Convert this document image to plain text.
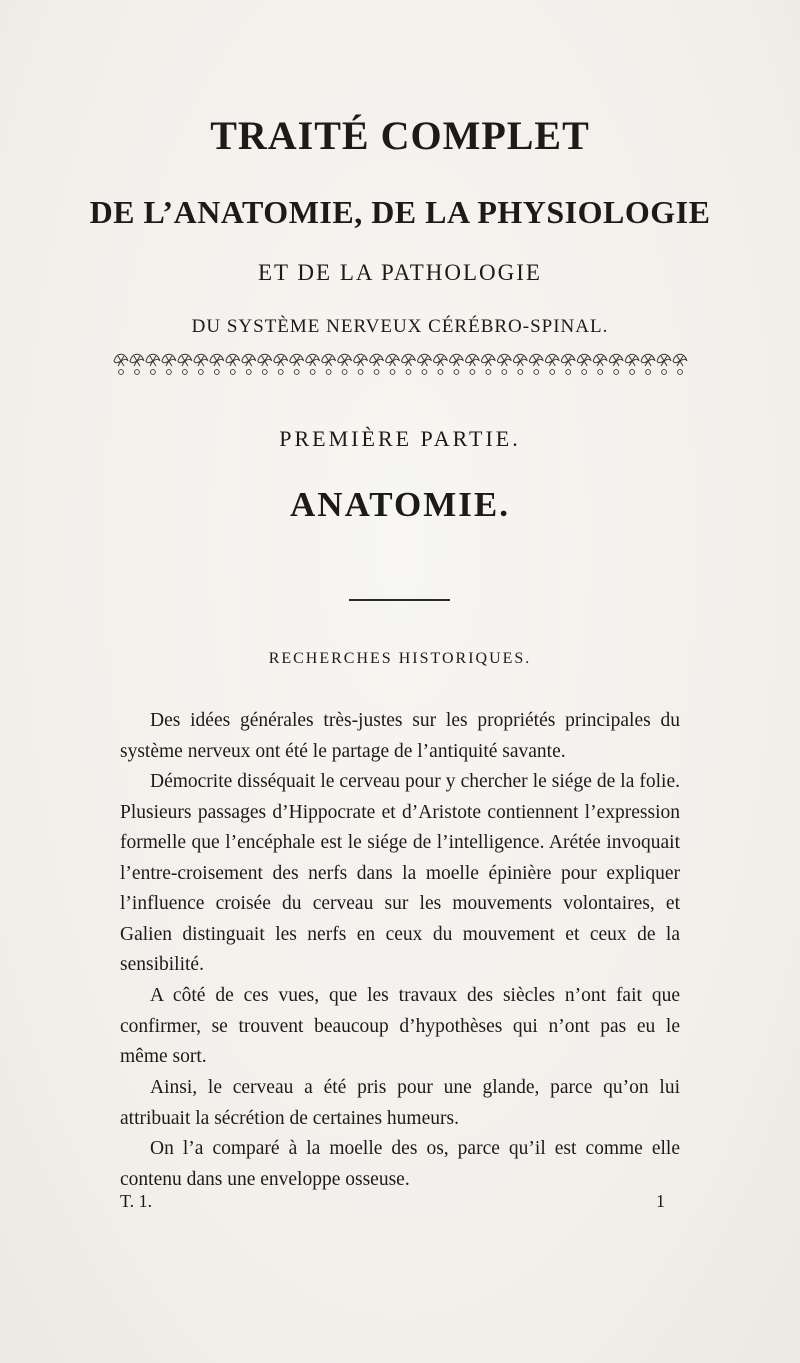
TRAITÉ COMPLET
DE L’ANATOMIE, DE LA PHYSIOLOGIE
ET DE LA PATHOLOGIE
DU SYSTÈME NERVEUX CÉRÉBRO-SPINAL.
PREMIÈRE PARTIE.
ANATOMIE.
RECHERCHES HISTORIQUES.

Des idées générales très-justes sur les propriétés principales du système nerveux ont été le partage de l’antiquité savante.

Démocrite disséquait le cerveau pour y chercher le siége de la folie. Plusieurs passages d’Hippocrate et d’Aristote contiennent l’expression formelle que l’encéphale est le siége de l’intelligence. Arétée invoquait l’entre-croisement des nerfs dans la moelle épinière pour expliquer l’influence croisée du cerveau sur les mouvements volontaires, et Galien distinguait les nerfs en ceux du mouvement et ceux de la sensibilité.

A côté de ces vues, que les travaux des siècles n’ont fait que confirmer, se trouvent beaucoup d’hypothèses qui n’ont pas eu le même sort.

Ainsi, le cerveau a été pris pour une glande, parce qu’on lui attribuait la sécrétion de certaines humeurs.

On l’a comparé à la moelle des os, parce qu’il est comme elle contenu dans une enveloppe osseuse.

T. 1.	1
